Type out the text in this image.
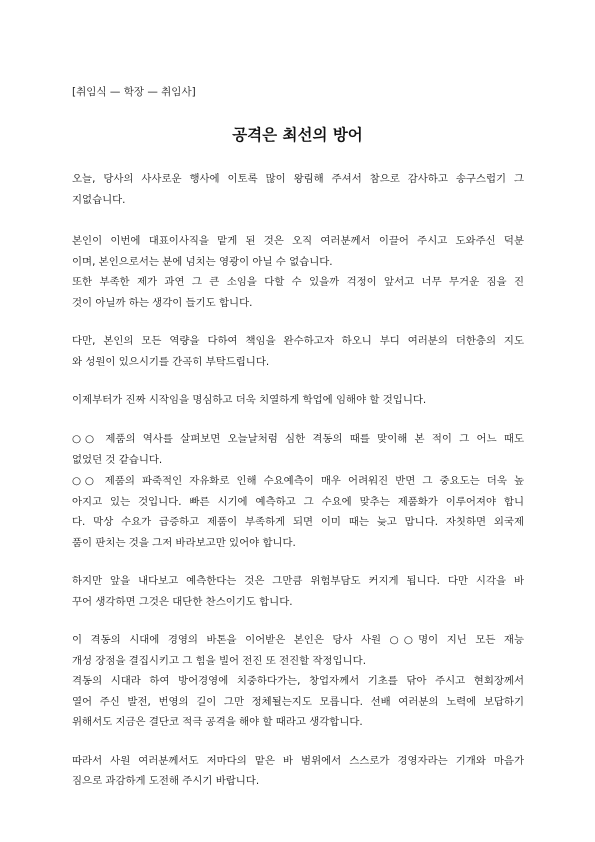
[취임식 — 학장 — 취임사]
공격은 최선의 방어
오늘, 당사의 사사로운 행사에 이토록 많이 왕림해 주셔서 참으로 감사하고 송구스럽기 그
지없습니다.
본인이 이번에 대표이사직을 맡게 된 것은 오직 여러분께서 이끌어 주시고 도와주신 덕분
이며, 본인으로서는 분에 넘치는 영광이 아닐 수 없습니다.
또한 부족한 제가 과연 그 큰 소임을 다할 수 있을까 걱정이 앞서고 너무 무거운 짐을 진
것이 아닐까 하는 생각이 들기도 합니다.
다만, 본인의 모든 역량을 다하여 책임을 완수하고자 하오니 부디 여러분의 더한층의 지도
와 성원이 있으시기를 간곡히 부탁드립니다.
이제부터가 진짜 시작임을 명심하고 더욱 치열하게 학업에 임해야 할 것입니다.
○○ 제품의 역사를 살펴보면 오늘날처럼 심한 격동의 때를 맞이해 본 적이 그 어느 때도
없었던 것 같습니다.
○○ 제품의 파죽적인 자유화로 인해 수요예측이 매우 어려워진 반면 그 중요도는 더욱 높
아지고 있는 것입니다. 빠른 시기에 예측하고 그 수요에 맞추는 제품화가 이루어져야 합니
다. 막상 수요가 급증하고 제품이 부족하게 되면 이미 때는 늦고 맙니다. 자칫하면 외국제
품이 판치는 것을 그저 바라보고만 있어야 합니다.
하지만 앞을 내다보고 예측한다는 것은 그만큼 위험부담도 커지게 됩니다. 다만 시각을 바
꾸어 생각하면 그것은 대단한 찬스이기도 합니다.
이 격동의 시대에 경영의 바톤을 이어받은 본인은 당사 사원 ○○명이 지닌 모든 재능
개성 장점을 결집시키고 그 힘을 빌어 전진 또 전진할 작정입니다.
격동의 시대라 하여 방어경영에 치중하다가는, 창업자께서 기초를 닦아 주시고 현회장께서
열어 주신 발전, 번영의 길이 그만 정체될는지도 모릅니다. 선배 여러분의 노력에 보답하기
위해서도 지금은 결단코 적극 공격을 해야 할 때라고 생각합니다.
따라서 사원 여러분께서도 저마다의 맡은 바 범위에서 스스로가 경영자라는 기개와 마음가
짐으로 과감하게 도전해 주시기 바랍니다.
